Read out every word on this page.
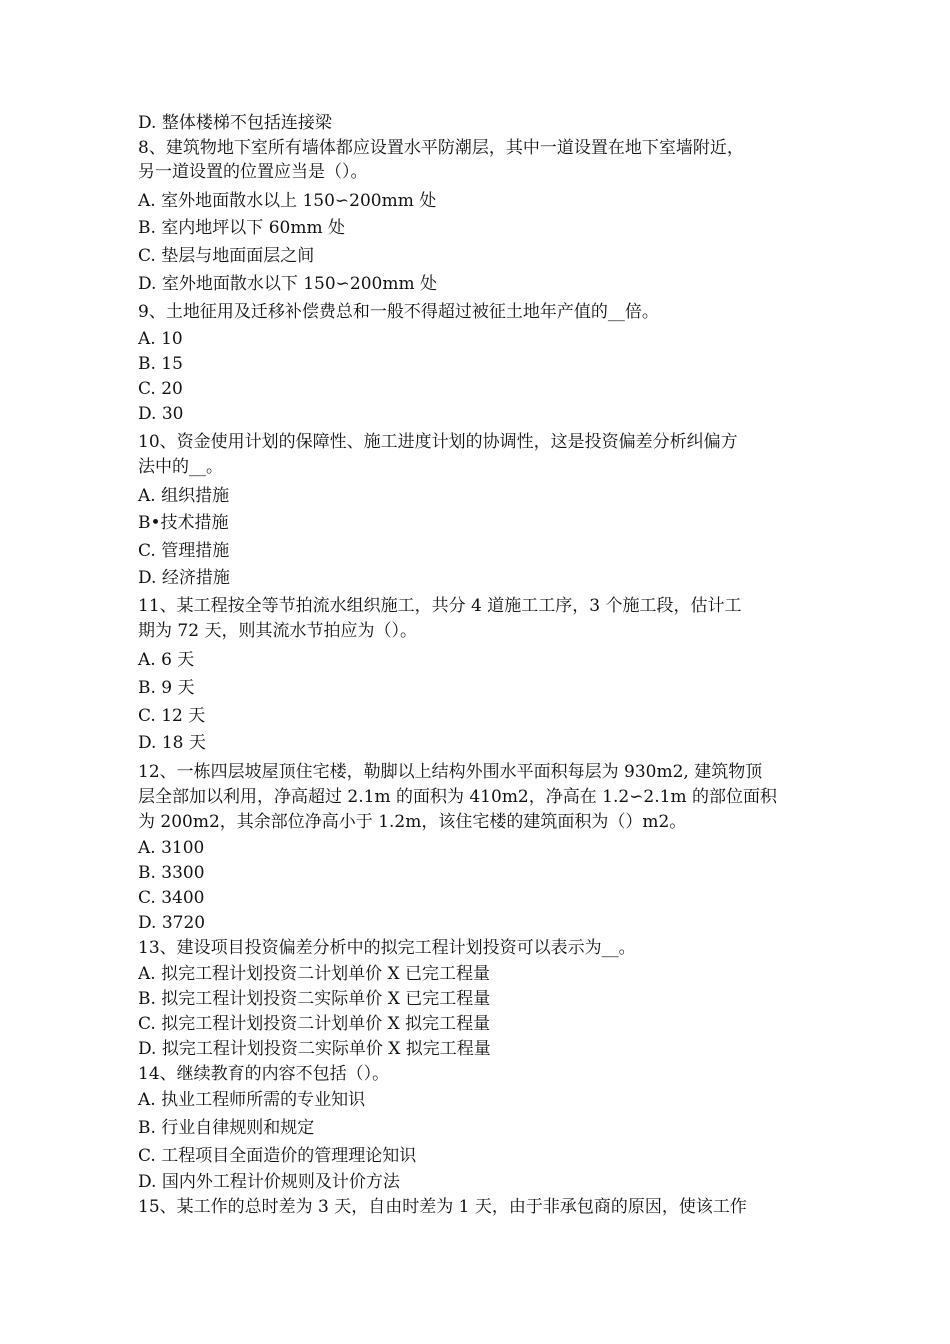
D. 整体楼梯不包括连接梁
8、建筑物地下室所有墙体都应设置水平防潮层，其中一道设置在地下室墙附近，
另一道设置的位置应当是（）。
A. 室外地面散水以上 150∽200mm 处
B. 室内地坪以下 60mm 处
C. 垫层与地面面层之间
D. 室外地面散水以下 150∽200mm 处
9、土地征用及迁移补偿费总和一般不得超过被征土地年产值的__倍。
A. 10
B. 15
C. 20
D. 30
10、资金使用计划的保障性、施工进度计划的协调性，这是投资偏差分析纠偏方
法中的__。
A. 组织措施
B•技术措施
C. 管理措施
D. 经济措施
11、某工程按全等节拍流水组织施工，共分 4 道施工工序，3 个施工段，估计工
期为 72 天，则其流水节拍应为（）。
A. 6 天
B. 9 天
C. 12 天
D. 18 天
12、一栋四层坡屋顶住宅楼，勒脚以上结构外围水平面积每层为 930m2, 建筑物顶
层全部加以利用，净高超过 2.1m 的面积为 410m2，净高在 1.2∽2.1m 的部位面积
为 200m2，其余部位净高小于 1.2m，该住宅楼的建筑面积为（）m2。
A. 3100
B. 3300
C. 3400
D. 3720
13、建设项目投资偏差分析中的拟完工程计划投资可以表示为__。
A. 拟完工程计划投资二计划单价 X 已完工程量
B. 拟完工程计划投资二实际单价 X 已完工程量
C. 拟完工程计划投资二计划单价 X 拟完工程量
D. 拟完工程计划投资二实际单价 X 拟完工程量
14、继续教育的内容不包括（）。
A. 执业工程师所需的专业知识
B. 行业自律规则和规定
C. 工程项目全面造价的管理理论知识
D. 国内外工程计价规则及计价方法
15、某工作的总时差为 3 天，自由时差为 1 天，由于非承包商的原因，使该工作
